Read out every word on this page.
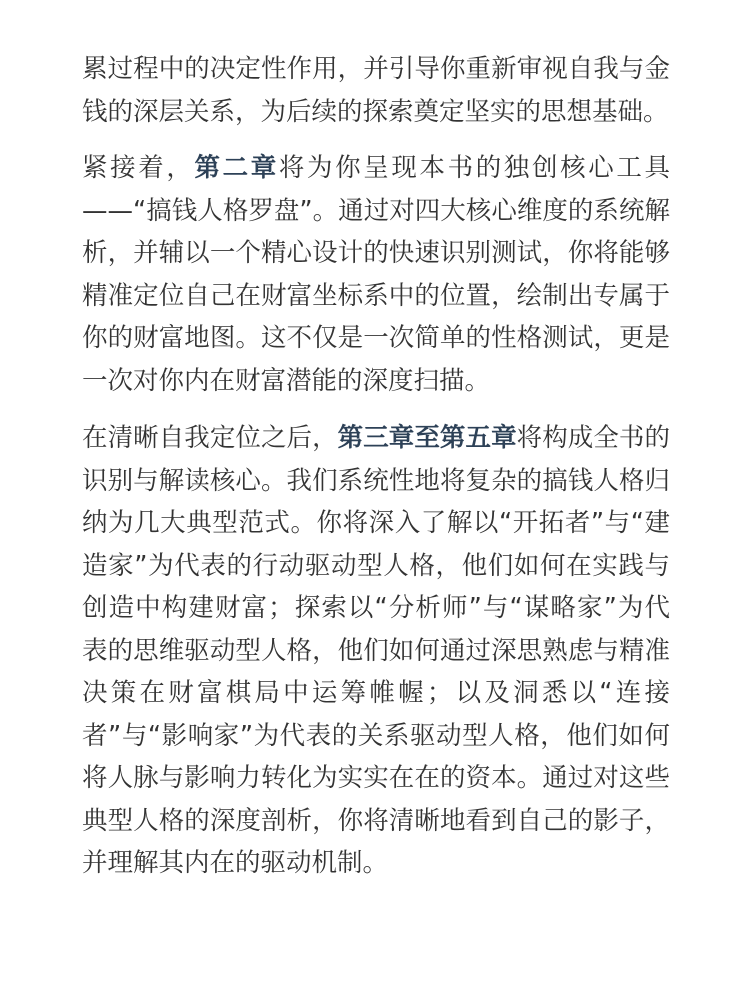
累过程中的决定性作用，并引导你重新审视自我与金钱的深层关系，为后续的探索奠定坚实的思想基础。

紧接着，第二章将为你呈现本书的独创核心工具——“搞钱人格罗盘”。通过对四大核心维度的系统解析，并辅以一个精心设计的快速识别测试，你将能够精准定位自己在财富坐标系中的位置，绘制出专属于你的财富地图。这不仅是一次简单的性格测试，更是一次对你内在财富潜能的深度扫描。

在清晰自我定位之后，第三章至第五章将构成全书的识别与解读核心。我们系统性地将复杂的搞钱人格归纳为几大典型范式。你将深入了解以“开拓者”与“建造家”为代表的行动驱动型人格，他们如何在实践与创造中构建财富；探索以“分析师”与“谋略家”为代表的思维驱动型人格，他们如何通过深思熟虑与精准决策在财富棋局中运筹帷幄；以及洞悉以“连接者”与“影响家”为代表的关系驱动型人格，他们如何将人脉与影响力转化为实实在在的资本。通过对这些典型人格的深度剖析，你将清晰地看到自己的影子，并理解其内在的驱动机制。
